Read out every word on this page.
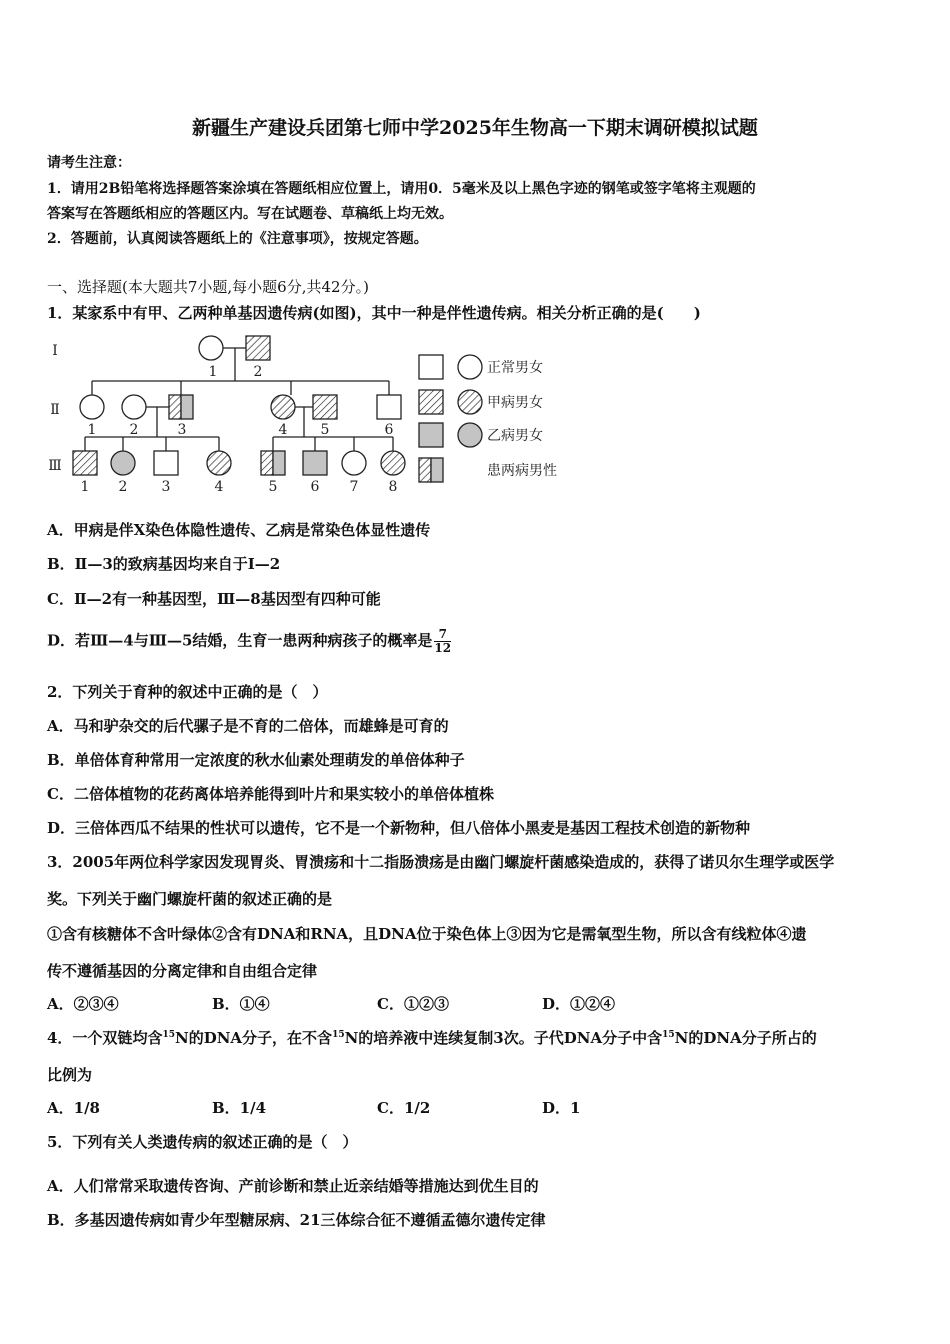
新疆生产建设兵团第七师中学2025年生物高一下期末调研模拟试题
请考生注意：
1．请用2B铅笔将选择题答案涂填在答题纸相应位置上，请用0．5毫米及以上黑色字迹的钢笔或签字笔将主观题的
答案写在答题纸相应的答题区内。写在试题卷、草稿纸上均无效。
2．答题前，认真阅读答题纸上的《注意事项》，按规定答题。
一、选择题(本大题共7小题,每小题6分,共42分。)
1．某家系中有甲、乙两种单基因遗传病(如图)，其中一种是伴性遗传病。相关分析正确的是(　　)
Ⅰ
Ⅱ
Ⅲ
1	2
1 2	3	4 5	6
1 2 3	4	5 6 7 8
正常男女
甲病男女
乙病男女
患两病男性
A．甲病是伴X染色体隐性遗传、乙病是常染色体显性遗传
B．Ⅱ—3的致病基因均来自于Ⅰ—2
C．Ⅱ—2有一种基因型，Ⅲ—8基因型有四种可能
D．若Ⅲ—4与Ⅲ—5结婚，生育一患两种病孩子的概率是 $\frac{7}{12}$
2．下列关于育种的叙述中正确的是（　）
A．马和驴杂交的后代骡子是不育的二倍体，而雄蜂是可育的
B．单倍体育种常用一定浓度的秋水仙素处理萌发的单倍体种子
C．二倍体植物的花药离体培养能得到叶片和果实较小的单倍体植株
D．三倍体西瓜不结果的性状可以遗传，它不是一个新物种，但八倍体小黑麦是基因工程技术创造的新物种
3．2005年两位科学家因发现胃炎、胃溃疡和十二指肠溃疡是由幽门螺旋杆菌感染造成的，获得了诺贝尔生理学或医学
奖。下列关于幽门螺旋杆菌的叙述正确的是
①含有核糖体不含叶绿体②含有DNA和RNA，且DNA位于染色体上③因为它是需氧型生物，所以含有线粒体④遗
传不遵循基因的分离定律和自由组合定律
A．②③④	B．①④	C．①②③	D．①②④
4．一个双链均含$^{15}$N的DNA分子，在不含$^{15}$N的培养液中连续复制3次。子代DNA分子中含$^{15}$N的DNA分子所占的
比例为
A．1/8	B．1/4	C．1/2	D．1
5．下列有关人类遗传病的叙述正确的是（　）
A．人们常常采取遗传咨询、产前诊断和禁止近亲结婚等措施达到优生目的
B．多基因遗传病如青少年型糖尿病、21三体综合征不遵循孟德尔遗传定律
